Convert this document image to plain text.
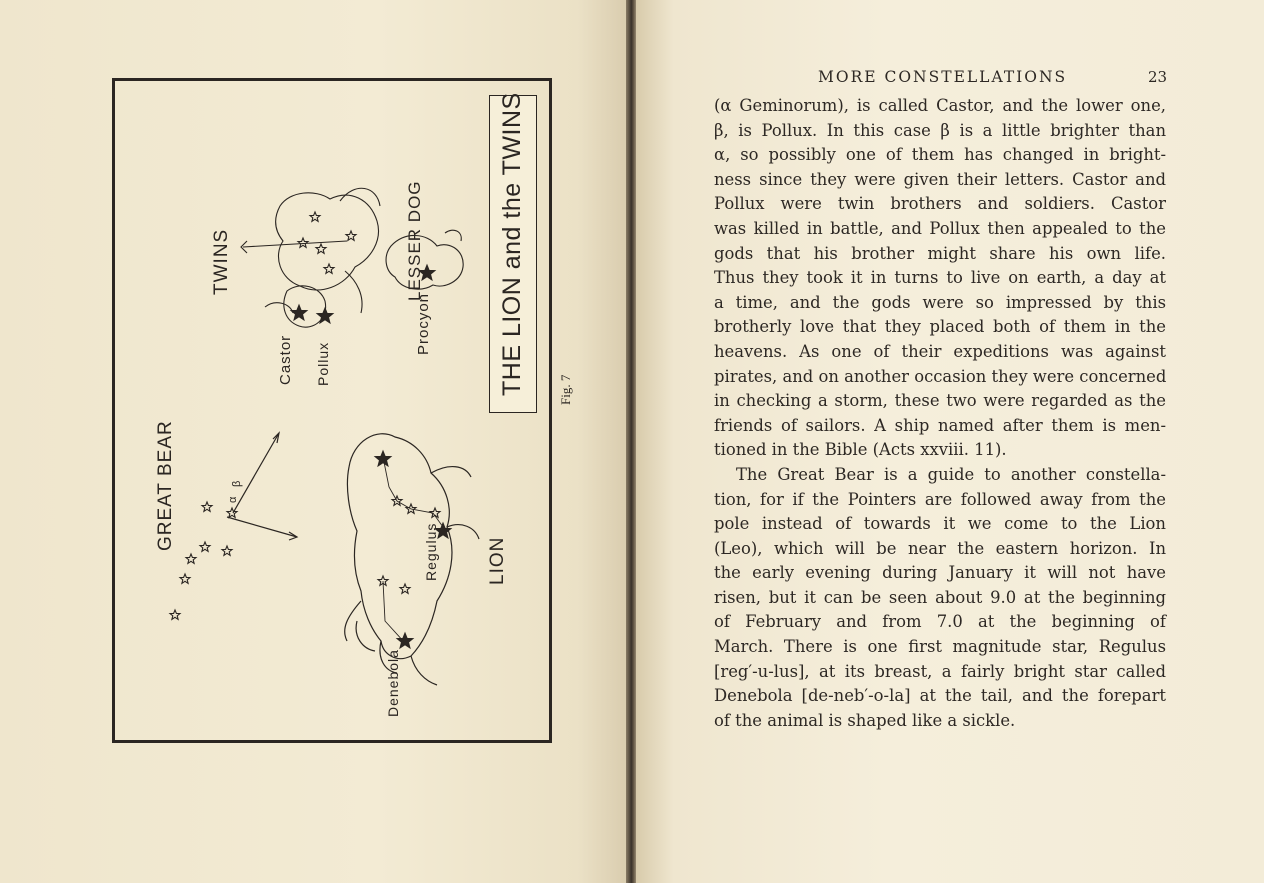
GREAT BEAR
TWINS	LESSER DOG
LION
Castor Pollux
Procyon
Regulus
Denebola
α
β
THE LION and the TWINS Fig. 7
MORE CONSTELLATIONS	23
(α Geminorum), is called Castor, and the lower one,
β, is Pollux. In this case β is a little brighter than
α, so possibly one of them has changed in bright-
ness since they were given their letters. Castor and
Pollux were twin brothers and soldiers. Castor
was killed in battle, and Pollux then appealed to the
gods that his brother might share his own life.
Thus they took it in turns to live on earth, a day at
a time, and the gods were so impressed by this
brotherly love that they placed both of them in the
heavens. As one of their expeditions was against
pirates, and on another occasion they were concerned
in checking a storm, these two were regarded as the
friends of sailors. A ship named after them is men-
tioned in the Bible (Acts xxviii. 11).
The Great Bear is a guide to another constella-
tion, for if the Pointers are followed away from the
pole instead of towards it we come to the Lion
(Leo), which will be near the eastern horizon. In
the early evening during January it will not have
risen, but it can be seen about 9.0 at the beginning
of February and from 7.0 at the beginning of
March. There is one first magnitude star, Regulus
[reg′-u-lus], at its breast, a fairly bright star called
Denebola [de-neb′-o-la] at the tail, and the forepart
of the animal is shaped like a sickle.
